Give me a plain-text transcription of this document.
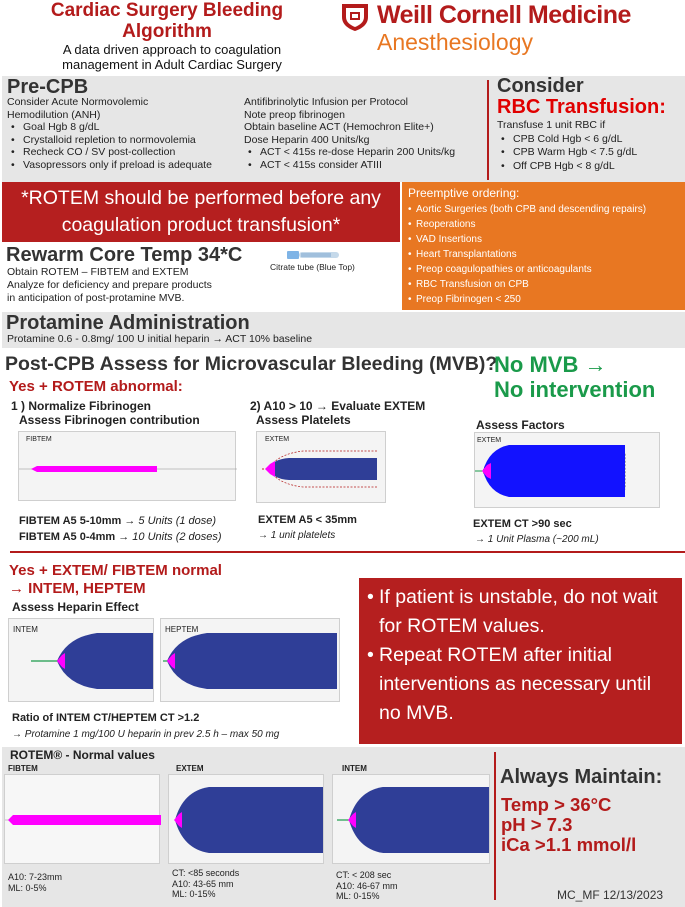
Cardiac Surgery Bleeding
Algorithm
A data driven approach to coagulation
management in Adult Cardiac Surgery
Weill Cornell Medicine
Anesthesiology
Pre-CPB
Consider Acute Normovolemic
Hemodilution (ANH)
• Goal Hgb 8 g/dL
• Crystalloid repletion to normovolemia
• Recheck CO / SV post-collection
• Vasopressors only if preload is adequate
Antifibrinolytic Infusion per Protocol
Note preop fibrinogen
Obtain baseline ACT (Hemochron Elite+)
Dose Heparin 400 Units/kg
• ACT < 415s re-dose Heparin 200 Units/kg
• ACT < 415s consider ATIII
Consider
RBC Transfusion:
Transfuse 1 unit RBC if
• CPB Cold Hgb < 6 g/dL
• CPB Warm Hgb < 7.5 g/dL
• Off CPB Hgb < 8 g/dL
*ROTEM should be performed before any
coagulation product transfusion*
Preemptive ordering:
• Aortic Surgeries (both CPB and descending repairs)
• Reoperations
• VAD Insertions
• Heart Transplantations
• Preop coagulopathies or anticoagulants
• RBC Transfusion on CPB
• Preop Fibrinogen < 250
Rewarm Core Temp 34*C
Obtain ROTEM – FIBTEM and EXTEM
Analyze for deficiency and prepare products
in anticipation of post-protamine MVB.
Citrate tube (Blue Top)
Protamine Administration
Protamine 0.6 - 0.8mg/ 100 U initial heparin → ACT 10% baseline
Post-CPB Assess for Microvascular Bleeding (MVB)?
No MVB →
No intervention
Yes + ROTEM abnormal:
1 ) Normalize Fibrinogen
Assess Fibrinogen contribution
FIBTEM
FIBTEM A5 5-10mm → 5 Units (1 dose)
FIBTEM A5 0-4mm → 10 Units (2 doses)
2) A10 > 10 → Evaluate EXTEM
Assess Platelets
EXTEM
EXTEM A5 < 35mm
→ 1 unit platelets
Assess Factors
EXTEM
EXTEM CT >90 sec
→ 1 Unit Plasma (~200 mL)
Yes + EXTEM/ FIBTEM normal
→ INTEM, HEPTEM
Assess Heparin Effect
INTEM	HEPTEM
Ratio of INTEM CT/HEPTEM CT >1.2
→ Protamine 1 mg/100 U heparin in prev 2.5 h – max 50 mg
• If patient is unstable, do not wait for ROTEM values.
• Repeat ROTEM after initial interventions as necessary until no MVB.
ROTEM® - Normal values
FIBTEM
A10: 7-23mm
ML: 0-5%
EXTEM
CT: <85 seconds
A10: 43-65 mm
ML: 0-15%
INTEM
CT: < 208 sec
A10: 46-67 mm
ML: 0-15%
Always Maintain:
Temp > 36°C
pH > 7.3
iCa >1.1 mmol/l
MC_MF 12/13/2023
